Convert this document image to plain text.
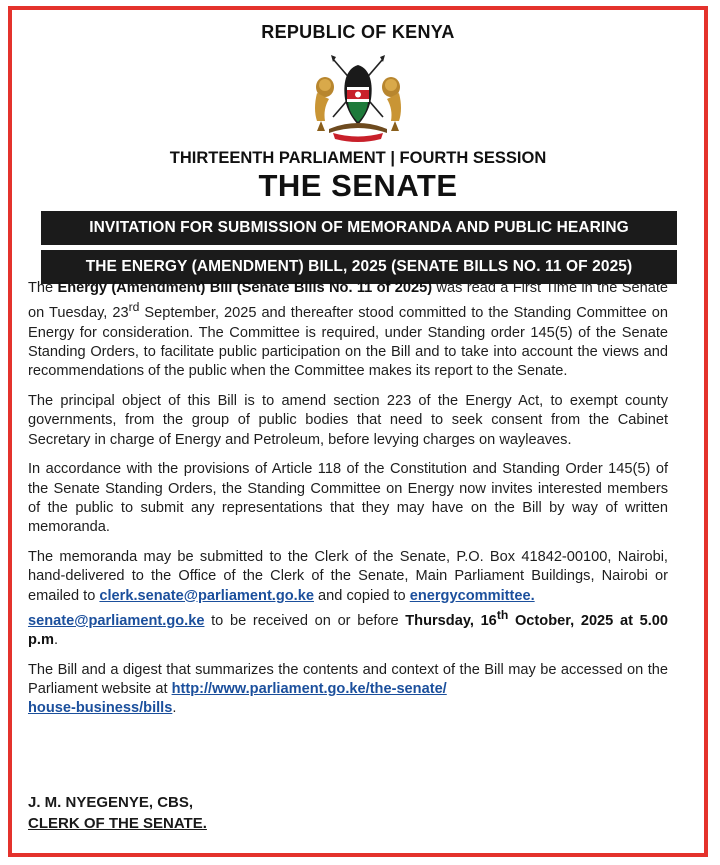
REPUBLIC OF KENYA
THIRTEENTH PARLIAMENT | FOURTH SESSION
THE SENATE
INVITATION FOR SUBMISSION OF MEMORANDA AND PUBLIC HEARING
THE ENERGY (AMENDMENT) BILL, 2025 (SENATE BILLS NO. 11 OF 2025)

The Energy (Amendment) Bill (Senate Bills No. 11 of 2025) was read a First Time in the Senate on Tuesday, 23rd September, 2025 and thereafter stood committed to the Standing Committee on Energy for consideration. The Committee is required, under Standing order 145(5) of the Senate Standing Orders, to facilitate public participation on the Bill and to take into account the views and recommendations of the public when the Committee makes its report to the Senate.

The principal object of this Bill is to amend section 223 of the Energy Act, to exempt county governments, from the group of public bodies that need to seek consent from the Cabinet Secretary in charge of Energy and Petroleum, before levying charges on wayleaves.

In accordance with the provisions of Article 118 of the Constitution and Standing Order 145(5) of the Senate Standing Orders, the Standing Committee on Energy now invites interested members of the public to submit any representations that they may have on the Bill by way of written memoranda.

The memoranda may be submitted to the Clerk of the Senate, P.O. Box 41842-00100, Nairobi, hand-delivered to the Office of the Clerk of the Senate, Main Parliament Buildings, Nairobi or emailed to clerk.senate@parliament.go.ke and copied to energycommittee.
senate@parliament.go.ke to be received on or before Thursday, 16th October, 2025 at 5.00 p.m.

The Bill and a digest that summarizes the contents and context of the Bill may be accessed on the Parliament website at http://www.parliament.go.ke/the-senate/
house-business/bills.

J. M. NYEGENYE, CBS,
CLERK OF THE SENATE.
